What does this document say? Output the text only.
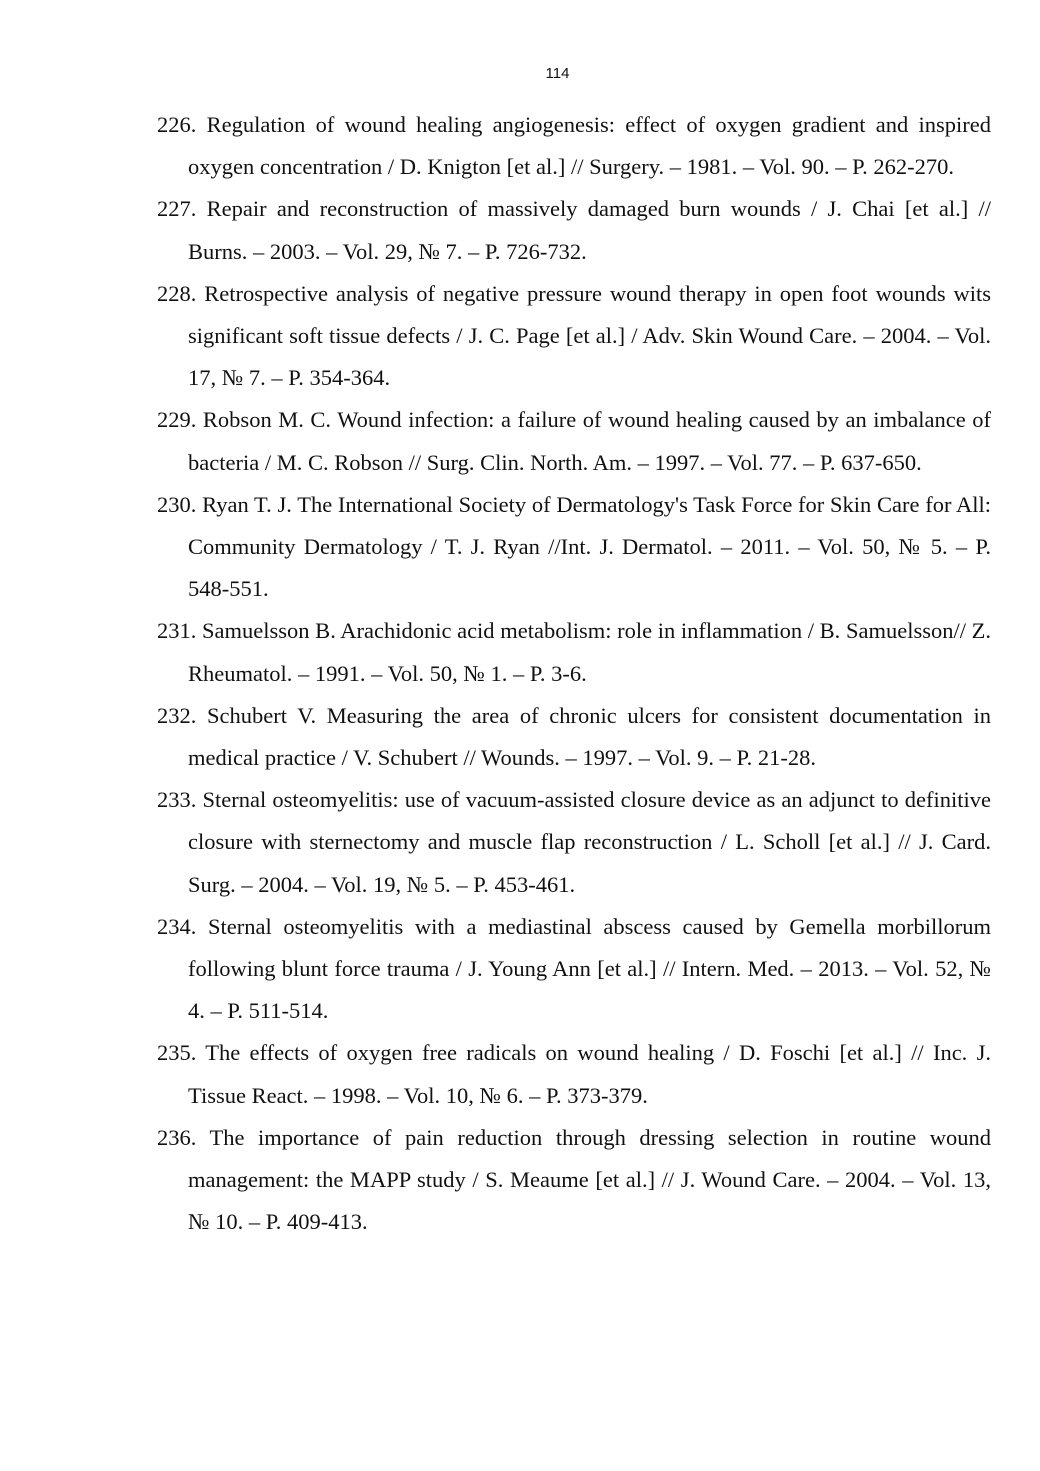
114
226. Regulation of wound healing angiogenesis: effect of oxygen gradient and inspired oxygen concentration / D. Knigton [et al.] // Surgery. – 1981. – Vol. 90. – P. 262-270.
227. Repair and reconstruction of massively damaged burn wounds / J. Chai [et al.] // Burns. – 2003. – Vol. 29, № 7. – P. 726-732.
228. Retrospective analysis of negative pressure wound therapy in open foot wounds wits significant soft tissue defects / J. C. Page [et al.] / Adv. Skin Wound Care. – 2004. – Vol. 17, № 7. – P. 354-364.
229. Robson M. C. Wound infection: a failure of wound healing caused by an imbalance of bacteria / M. C. Robson // Surg. Clin. North. Am. – 1997. – Vol. 77. – P. 637-650.
230. Ryan T. J. The International Society of Dermatology's Task Force for Skin Care for All: Community Dermatology / T. J. Ryan //Int. J. Dermatol. – 2011. – Vol. 50, № 5. – P. 548-551.
231. Samuelsson B. Arachidonic acid metabolism: role in inflammation / B. Samuelsson// Z. Rheumatol. – 1991. – Vol. 50, № 1. – P. 3-6.
232. Schubert V. Measuring the area of chronic ulcers for consistent documentation in medical practice / V. Schubert // Wounds. – 1997. – Vol. 9. – P. 21-28.
233. Sternal osteomyelitis: use of vacuum-assisted closure device as an adjunct to definitive closure with sternectomy and muscle flap reconstruction / L. Scholl [et al.] // J. Card. Surg. – 2004. – Vol. 19, № 5. – P. 453-461.
234. Sternal osteomyelitis with a mediastinal abscess caused by Gemella morbillorum following blunt force trauma / J. Young Ann [et al.] // Intern. Med. – 2013. – Vol. 52, № 4. – P. 511-514.
235. The effects of oxygen free radicals on wound healing / D. Foschi [et al.] // Inc. J. Tissue React. – 1998. – Vol. 10, № 6. – P. 373-379.
236. The importance of pain reduction through dressing selection in routine wound management: the MAPP study / S. Meaume [et al.] // J. Wound Care. – 2004. – Vol. 13, № 10. – P. 409-413.
